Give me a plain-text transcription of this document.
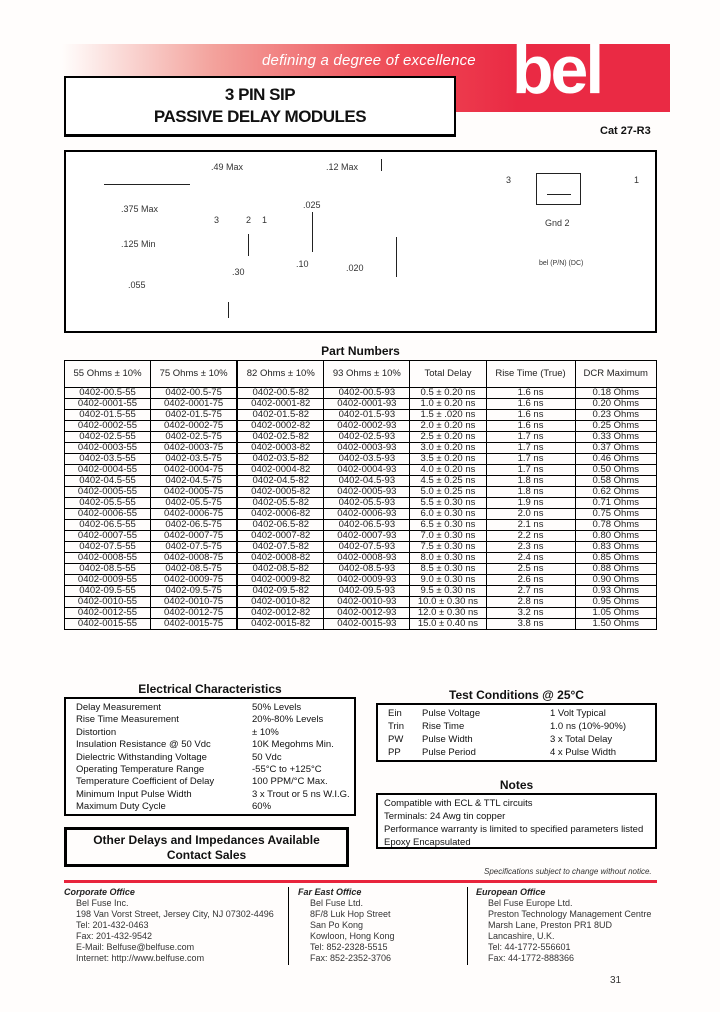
defining a degree of excellence bel
3 PIN SIP
PASSIVE DELAY MODULES
Cat 27-R3
.49 Max	.12 Max
.375 Max
.125 Min
.055
3	2 1
.025
.10
.30	.020
3	1
Gnd 2
bel (P/N) (DC)
Part Numbers
55 Ohms ± 10%	75 Ohms ± 10%	82 Ohms ± 10%	93 Ohms ± 10%	Total Delay	Rise Time (True)	DCR Maximum
0402-00.5-55	0402-00.5-75	0402-00.5-82	0402-00.5-93	0.5 ± 0.20 ns	1.6 ns	0.18 Ohms
0402-0001-55	0402-0001-75	0402-0001-82	0402-0001-93	1.0 ± 0.20 ns	1.6 ns	0.20 Ohms
0402-01.5-55	0402-01.5-75	0402-01.5-82	0402-01.5-93	1.5 ± .020 ns	1.6 ns	0.23 Ohms
0402-0002-55	0402-0002-75	0402-0002-82	0402-0002-93	2.0 ± 0.20 ns	1.6 ns	0.25 Ohms
0402-02.5-55	0402-02.5-75	0402-02.5-82	0402-02.5-93	2.5 ± 0.20 ns	1.7 ns	0.33 Ohms
0402-0003-55	0402-0003-75	0402-0003-82	0402-0003-93	3.0 ± 0.20 ns	1.7 ns	0.37 Ohms
0402-03.5-55	0402-03.5-75	0402-03.5-82	0402-03.5-93	3.5 ± 0.20 ns	1.7 ns	0.46 Ohms
0402-0004-55	0402-0004-75	0402-0004-82	0402-0004-93	4.0 ± 0.20 ns	1.7 ns	0.50 Ohms
0402-04.5-55	0402-04.5-75	0402-04.5-82	0402-04.5-93	4.5 ± 0.25 ns	1.8 ns	0.58 Ohms
0402-0005-55	0402-0005-75	0402-0005-82	0402-0005-93	5.0 ± 0.25 ns	1.8 ns	0.62 Ohms
0402-05.5-55	0402-05.5-75	0402-05.5-82	0402-05.5-93	5.5 ± 0.30 ns	1.9 ns	0.71 Ohms
0402-0006-55	0402-0006-75	0402-0006-82	0402-0006-93	6.0 ± 0.30 ns	2.0 ns	0.75 Ohms
0402-06.5-55	0402-06.5-75	0402-06.5-82	0402-06.5-93	6.5 ± 0.30 ns	2.1 ns	0.78 Ohms
0402-0007-55	0402-0007-75	0402-0007-82	0402-0007-93	7.0 ± 0.30 ns	2.2 ns	0.80 Ohms
0402-07.5-55	0402-07.5-75	0402-07.5-82	0402-07.5-93	7.5 ± 0.30 ns	2.3 ns	0.83 Ohms
0402-0008-55	0402-0008-75	0402-0008-82	0402-0008-93	8.0 ± 0.30 ns	2.4 ns	0.85 Ohms
0402-08.5-55	0402-08.5-75	0402-08.5-82	0402-08.5-93	8.5 ± 0.30 ns	2.5 ns	0.88 Ohms
0402-0009-55	0402-0009-75	0402-0009-82	0402-0009-93	9.0 ± 0.30 ns	2.6 ns	0.90 Ohms
0402-09.5-55	0402-09.5-75	0402-09.5-82	0402-09.5-93	9.5 ± 0.30 ns	2.7 ns	0.93 Ohms
0402-0010-55	0402-0010-75	0402-0010-82	0402-0010-93	10.0 ± 0.30 ns	2.8 ns	0.95 Ohms
0402-0012-55	0402-0012-75	0402-0012-82	0402-0012-93	12.0 ± 0.30 ns	3.2 ns	1.05 Ohms
0402-0015-55	0402-0015-75	0402-0015-82	0402-0015-93	15.0 ± 0.40 ns	3.8 ns	1.50 Ohms
Electrical Characteristics
Delay Measurement	50% Levels
Rise Time Measurement	20%-80% Levels
Distortion	± 10%
Insulation Resistance @ 50 Vdc	10K Megohms Min.
Dielectric Withstanding Voltage	50 Vdc
Operating Temperature Range	-55°C to +125°C
Temperature Coefficient of Delay	100 PPM/°C Max.
Minimum Input Pulse Width	3 x Trout or 5 ns W.I.G.
Maximum Duty Cycle	60%
Other Delays and Impedances Available
Contact Sales
Test Conditions @ 25°C
Ein	Pulse Voltage	1 Volt Typical
Trin	Rise Time	1.0 ns (10%-90%)
PW	Pulse Width	3 x Total Delay
PP	Pulse Period	4 x Pulse Width
Notes
Compatible with ECL & TTL circuits
Terminals: 24 Awg tin copper
Performance warranty is limited to specified parameters listed
Epoxy Encapsulated
Specifications subject to change without notice.
Corporate Office
Bel Fuse Inc.
198 Van Vorst Street, Jersey City, NJ 07302-4496
Tel: 201-432-0463
Fax: 201-432-9542
E-Mail: Belfuse@belfuse.com
Internet: http://www.belfuse.com
Far East Office
Bel Fuse Ltd.
8F/8 Luk Hop Street
San Po Kong
Kowloon, Hong Kong
Tel: 852-2328-5515
Fax: 852-2352-3706
European Office
Bel Fuse Europe Ltd.
Preston Technology Management Centre
Marsh Lane, Preston PR1 8UD
Lancashire, U.K.
Tel: 44-1772-556601
Fax: 44-1772-888366
31
